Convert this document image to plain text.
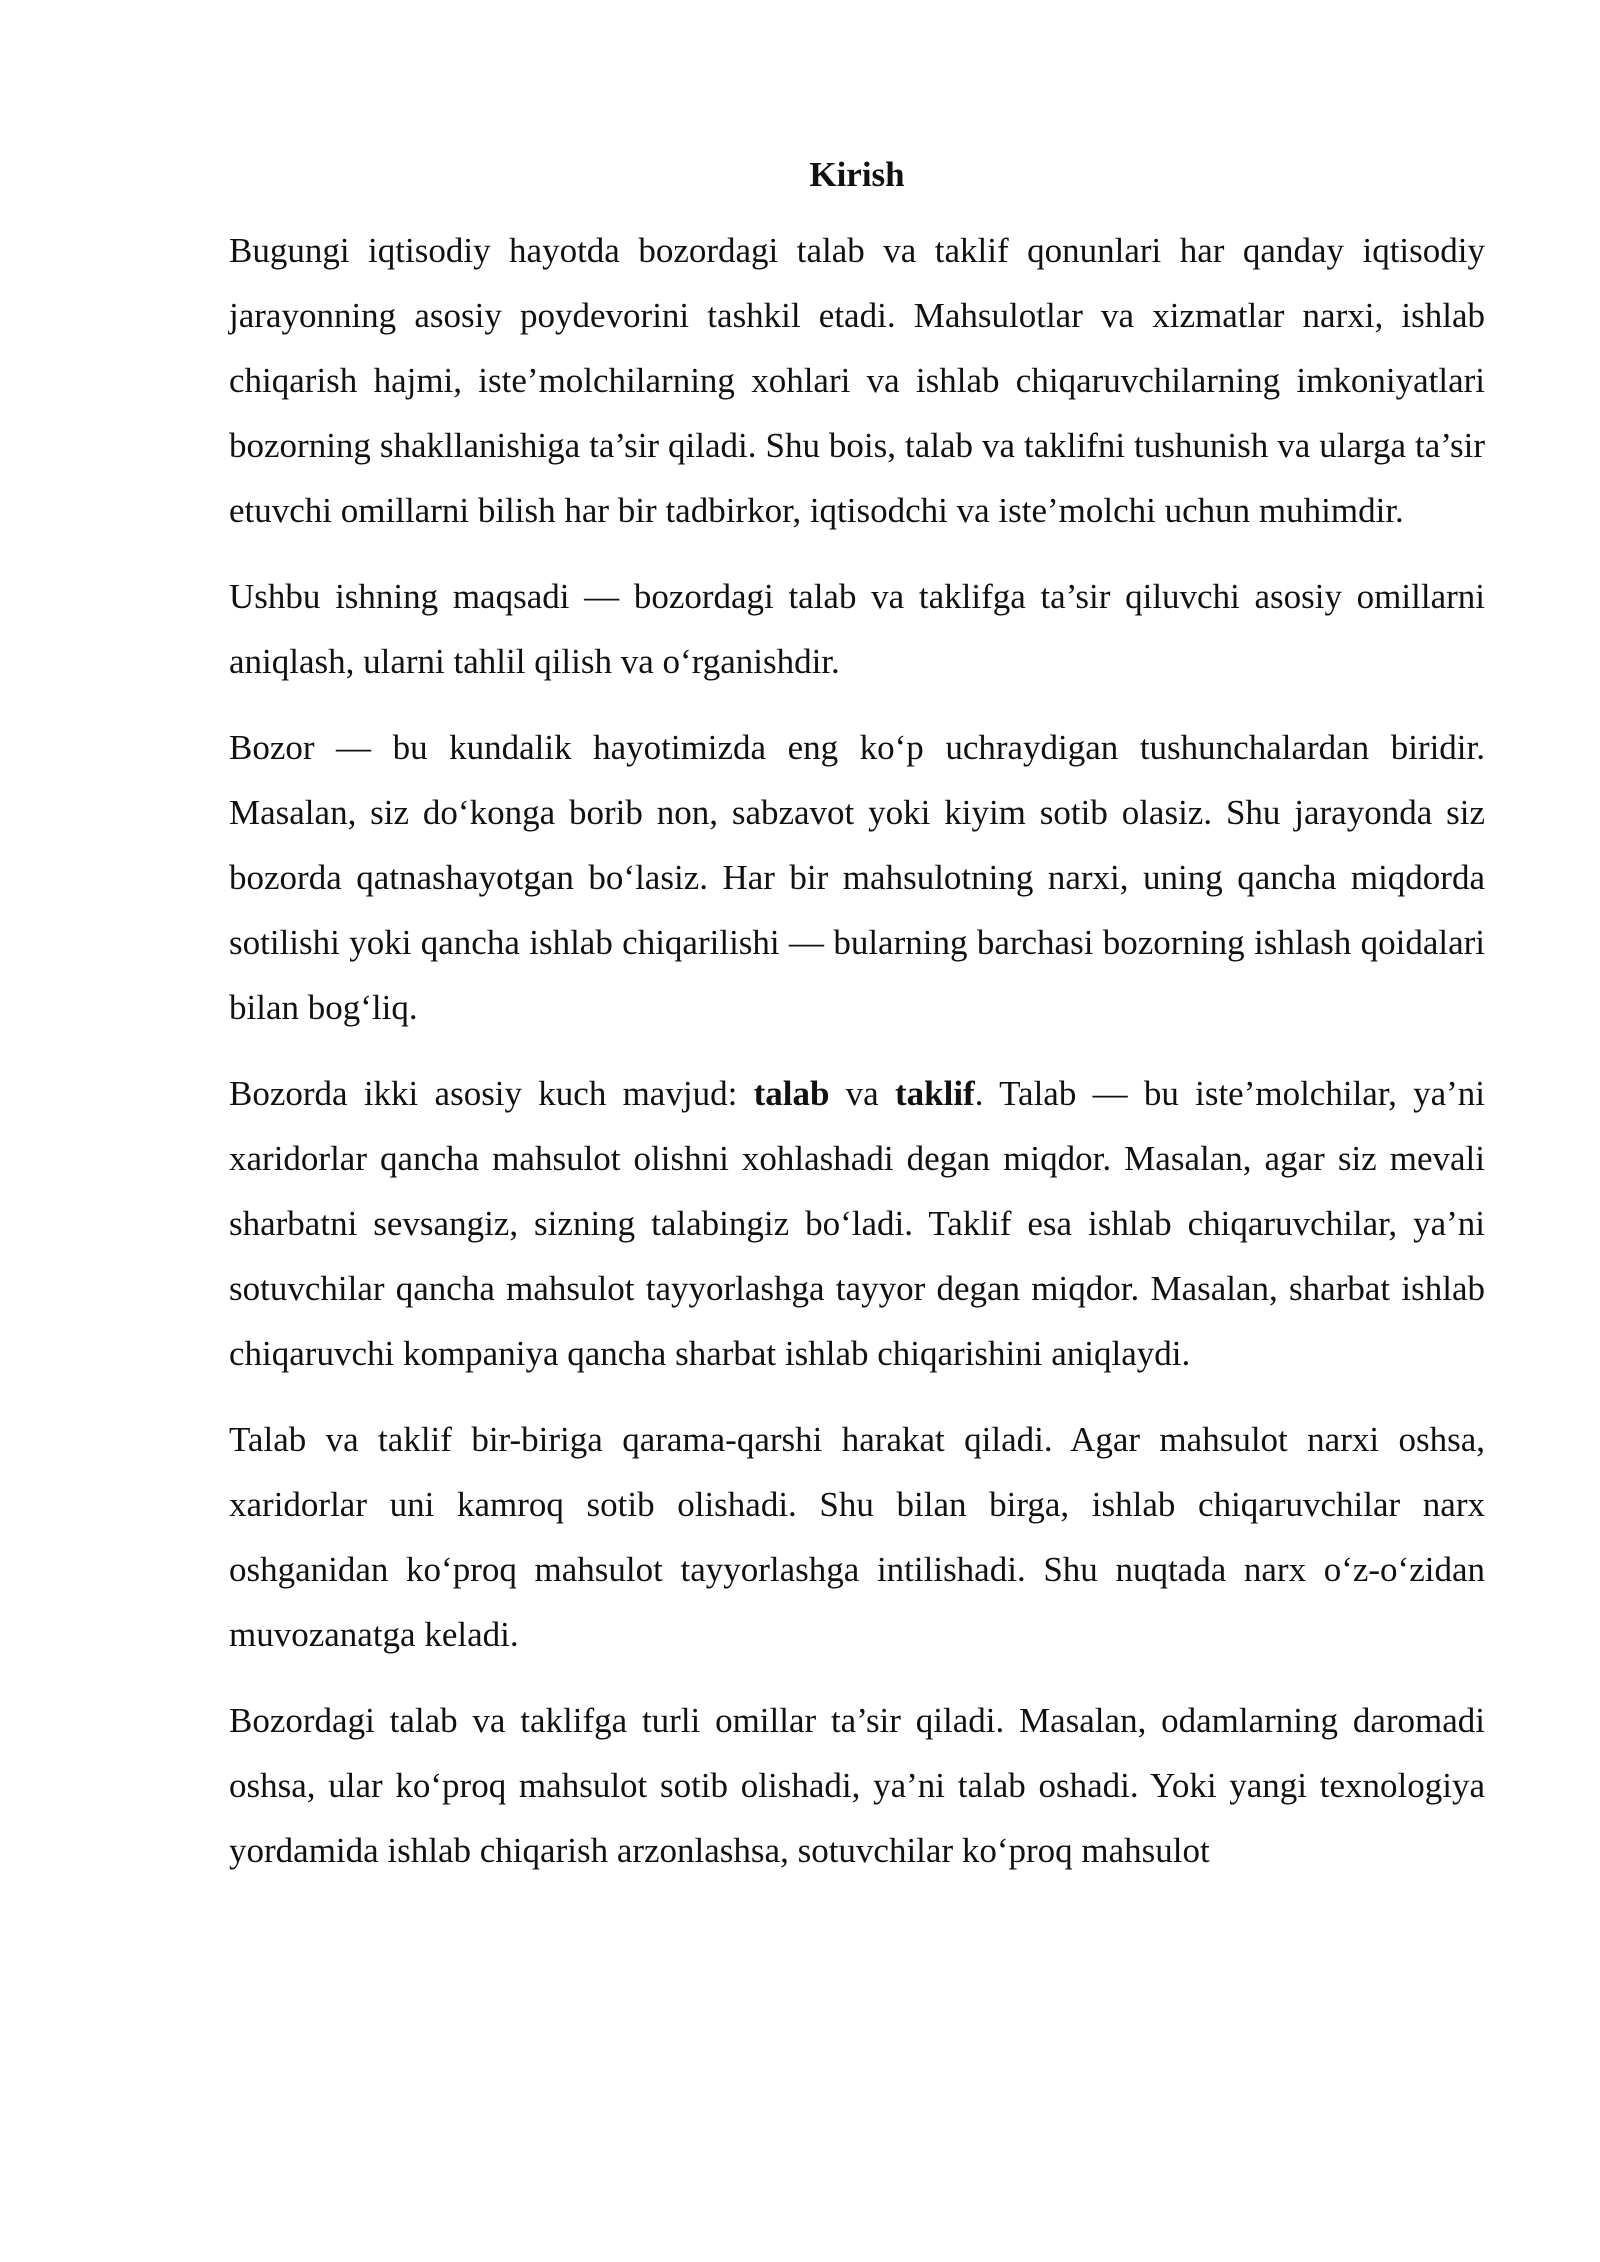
Kirish

Bugungi iqtisodiy hayotda bozordagi talab va taklif qonunlari har qanday iqtisodiy jarayonning asosiy poydevorini tashkil etadi. Mahsulotlar va xizmatlar narxi, ishlab chiqarish hajmi, iste’molchilarning xohlari va ishlab chiqaruvchilarning imkoniyatlari bozorning shakllanishiga ta’sir qiladi. Shu bois, talab va taklifni tushunish va ularga ta’sir etuvchi omillarni bilish har bir tadbirkor, iqtisodchi va iste’molchi uchun muhimdir.

Ushbu ishning maqsadi — bozordagi talab va taklifga ta’sir qiluvchi asosiy omillarni aniqlash, ularni tahlil qilish va o‘rganishdir.

Bozor — bu kundalik hayotimizda eng ko‘p uchraydigan tushunchalardan biridir. Masalan, siz do‘konga borib non, sabzavot yoki kiyim sotib olasiz. Shu jarayonda siz bozorda qatnashayotgan bo‘lasiz. Har bir mahsulotning narxi, uning qancha miqdorda sotilishi yoki qancha ishlab chiqarilishi — bularning barchasi bozorning ishlash qoidalari bilan bog‘liq.

Bozorda ikki asosiy kuch mavjud: talab va taklif. Talab — bu iste’molchilar, ya’ni xaridorlar qancha mahsulot olishni xohlashadi degan miqdor. Masalan, agar siz mevali sharbatni sevsangiz, sizning talabingiz bo‘ladi. Taklif esa ishlab chiqaruvchilar, ya’ni sotuvchilar qancha mahsulot tayyorlashga tayyor degan miqdor. Masalan, sharbat ishlab chiqaruvchi kompaniya qancha sharbat ishlab chiqarishini aniqlaydi.

Talab va taklif bir-biriga qarama-qarshi harakat qiladi. Agar mahsulot narxi oshsa, xaridorlar uni kamroq sotib olishadi. Shu bilan birga, ishlab chiqaruvchilar narx oshganidan ko‘proq mahsulot tayyorlashga intilishadi. Shu nuqtada narx o‘z-o‘zidan muvozanatga keladi.

Bozordagi talab va taklifga turli omillar ta’sir qiladi. Masalan, odamlarning daromadi oshsa, ular ko‘proq mahsulot sotib olishadi, ya’ni talab oshadi. Yoki yangi texnologiya yordamida ishlab chiqarish arzonlashsa, sotuvchilar ko‘proq mahsulot
